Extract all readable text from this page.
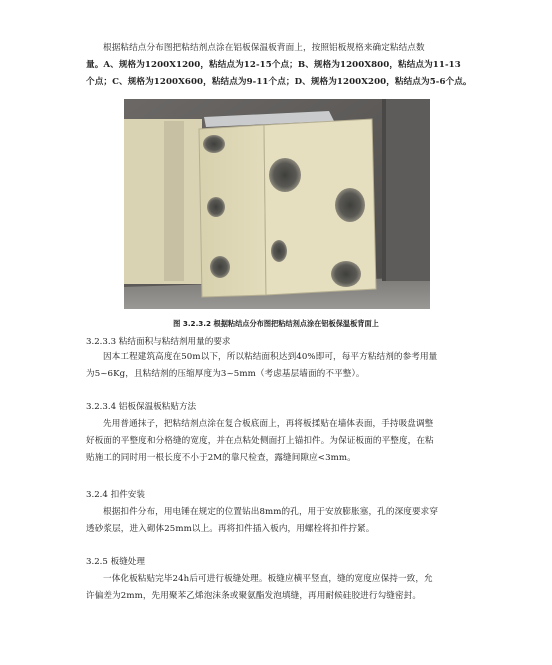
根据粘结点分布图把粘结剂点涂在铝板保温板背面上，按照铝板规格来确定粘结点数
量。A、规格为1200X1200，粘结点为12-15个点；B、规格为1200X800，粘结点为11-13
个点；C、规格为1200X600，粘结点为9-11个点；D、规格为1200X200，粘结点为5-6个点。
图 3.2.3.2 根据粘结点分布图把粘结剂点涂在铝板保温板背面上
3.2.3.3 粘结面积与粘结剂用量的要求
因本工程建筑高度在50m以下，所以粘结面积达到40%即可，每平方粘结剂的参考用量
为5~6Kg，且粘结剂的压缩厚度为3~5mm（考虑基层墙面的不平整）。
3.2.3.4 铝板保温板粘贴方法
先用普通抹子，把粘结剂点涂在复合板底面上，再将板揉贴在墙体表面，手持吸盘调整
好板面的平整度和分格缝的宽度，并在点粘处侧面打上锚扣件。为保证板面的平整度，在粘
贴施工的同时用一根长度不小于2M的靠尺检查，露缝间隙应<3mm。
3.2.4 扣件安装
根据扣件分布，用电锤在规定的位置钻出8mm的孔，用于安放膨胀塞，孔的深度要求穿
透砂浆层，进入砌体25mm以上。再将扣件插入板内，用螺栓将扣件拧紧。
3.2.5 板缝处理
一体化板粘贴完毕24h后可进行板缝处理。板缝应横平竖直，缝的宽度应保持一致，允
许偏差为2mm，先用聚苯乙烯泡沫条或聚氨酯发泡填缝，再用耐候硅胶进行勾缝密封。
